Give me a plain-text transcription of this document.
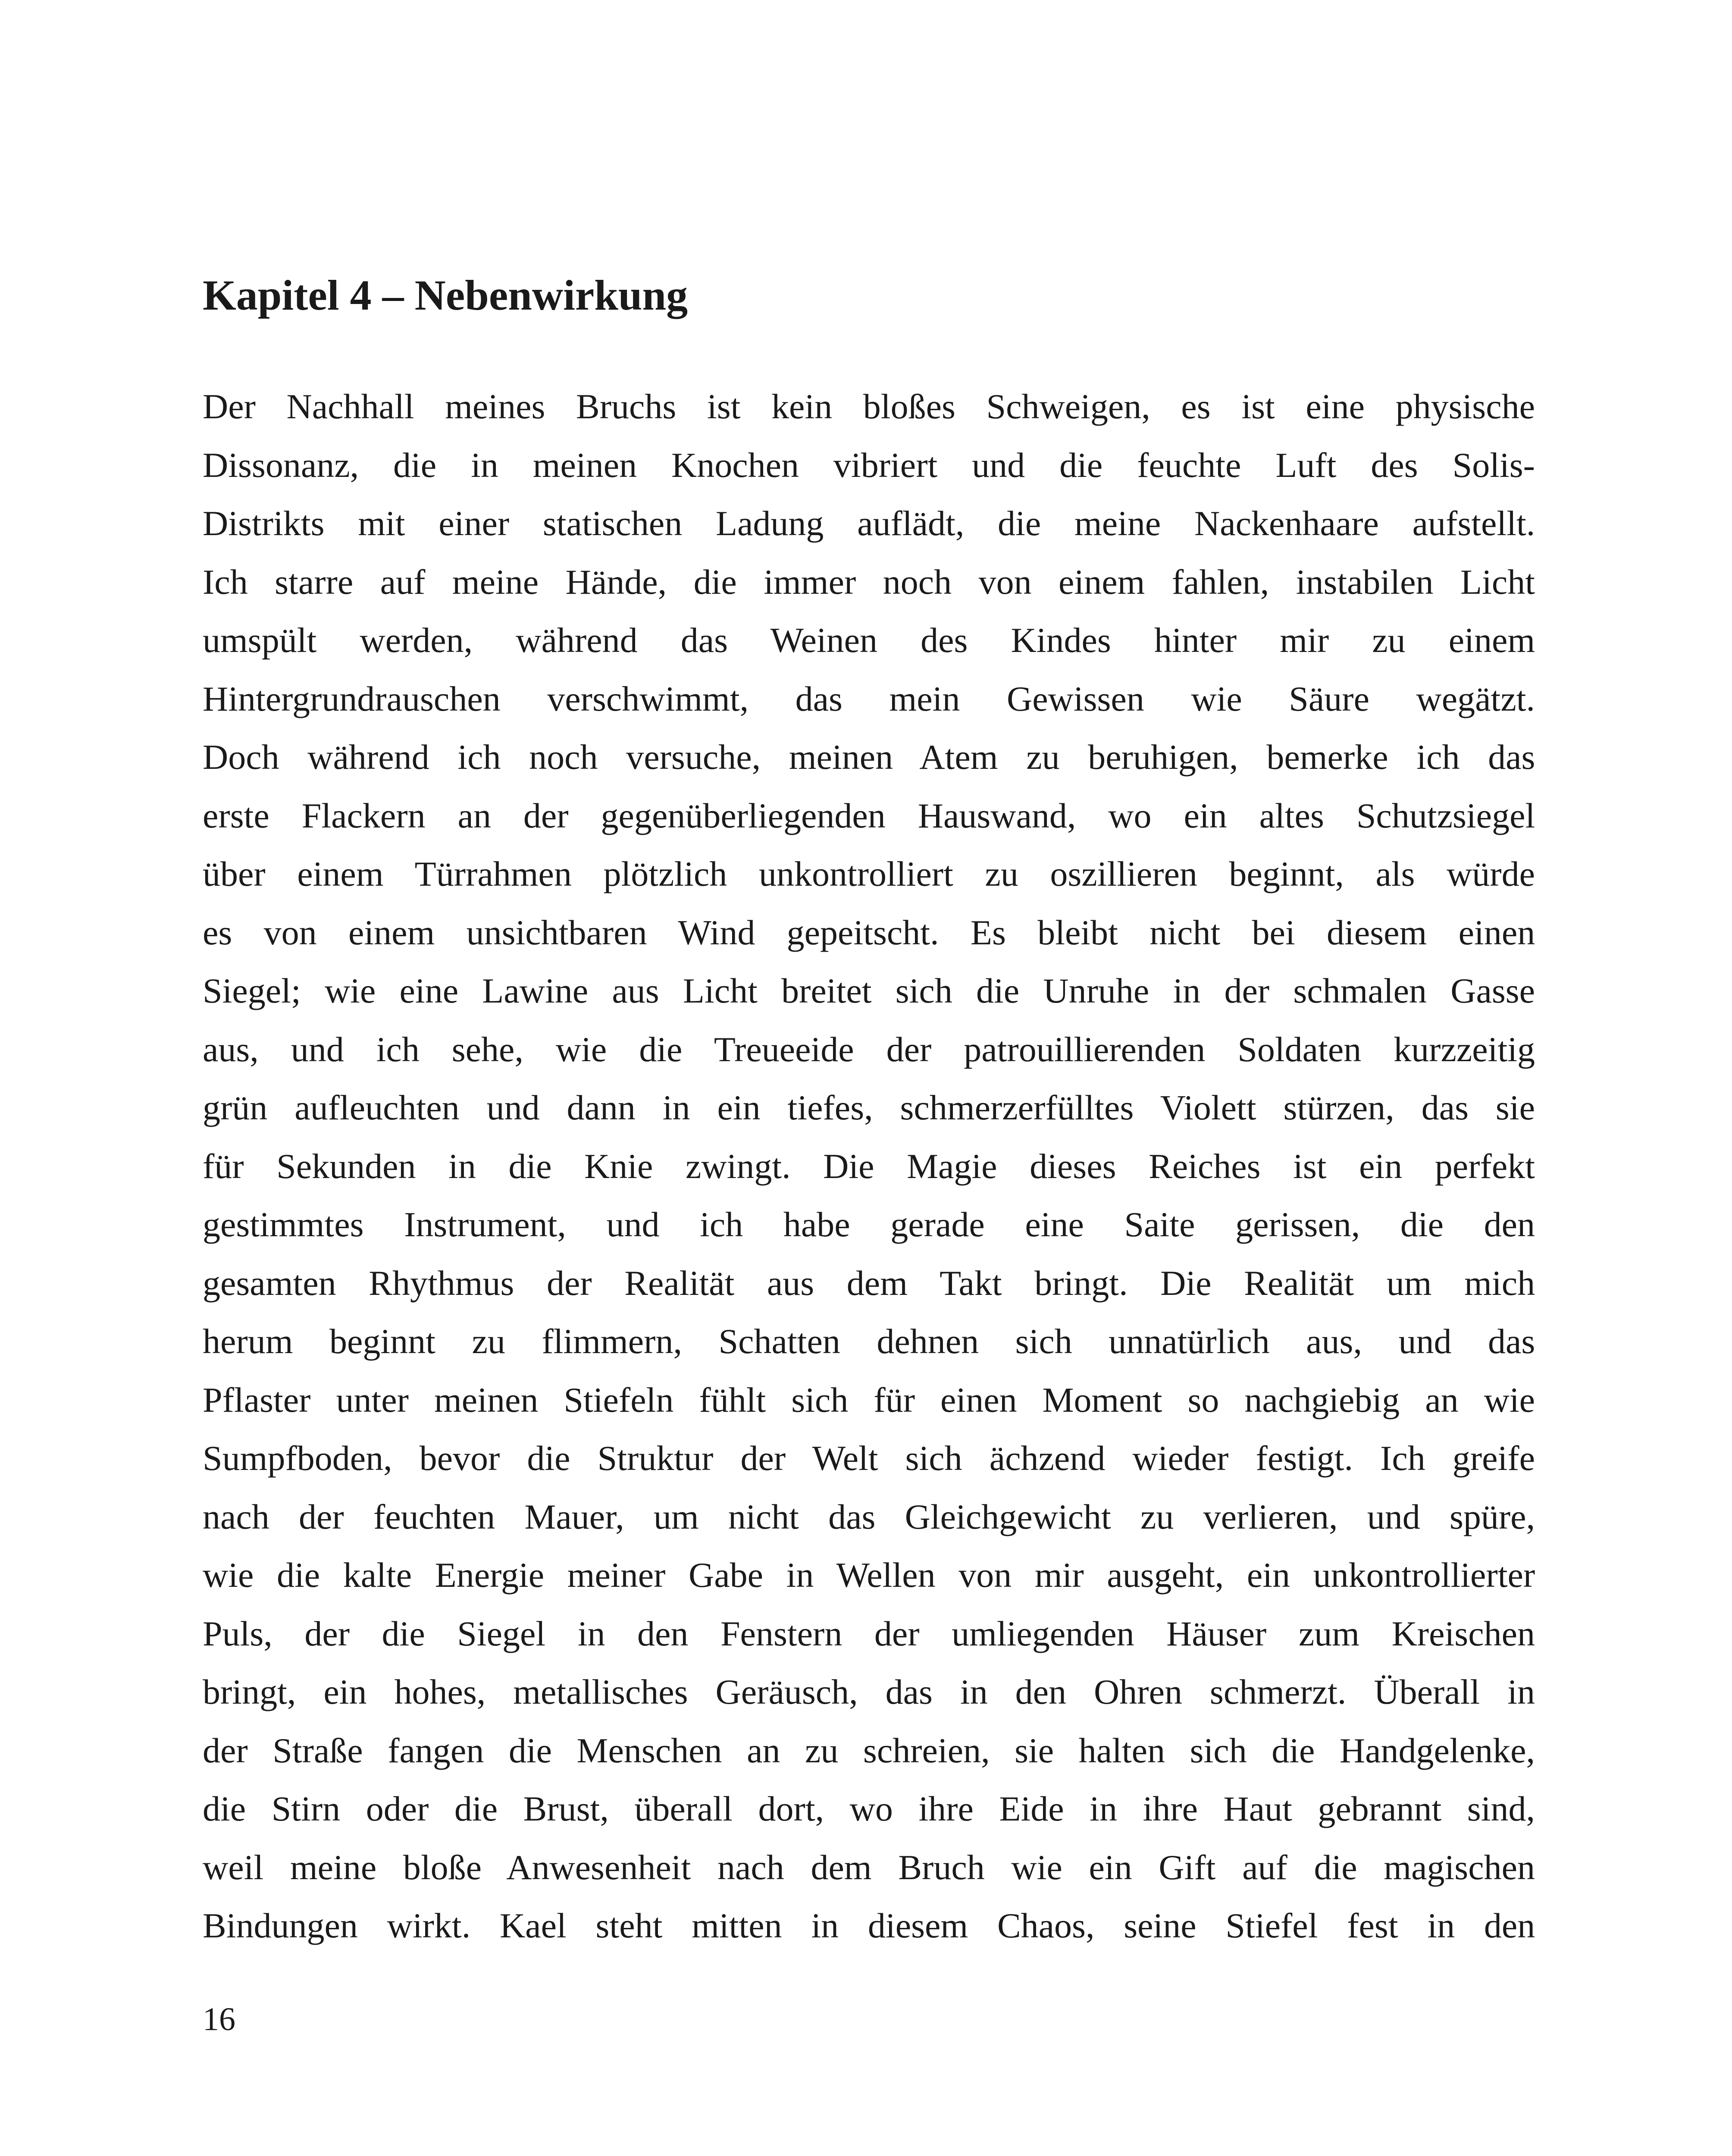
Kapitel 4 – Nebenwirkung
Der Nachhall meines Bruchs ist kein bloßes Schweigen, es ist eine physische
Dissonanz, die in meinen Knochen vibriert und die feuchte Luft des Solis-
Distrikts mit einer statischen Ladung auflädt, die meine Nackenhaare aufstellt.
Ich starre auf meine Hände, die immer noch von einem fahlen, instabilen Licht
umspült werden, während das Weinen des Kindes hinter mir zu einem
Hintergrundrauschen verschwimmt, das mein Gewissen wie Säure wegätzt.
Doch während ich noch versuche, meinen Atem zu beruhigen, bemerke ich das
erste Flackern an der gegenüberliegenden Hauswand, wo ein altes Schutzsiegel
über einem Türrahmen plötzlich unkontrolliert zu oszillieren beginnt, als würde
es von einem unsichtbaren Wind gepeitscht. Es bleibt nicht bei diesem einen
Siegel; wie eine Lawine aus Licht breitet sich die Unruhe in der schmalen Gasse
aus, und ich sehe, wie die Treueeide der patrouillierenden Soldaten kurzzeitig
grün aufleuchten und dann in ein tiefes, schmerzerfülltes Violett stürzen, das sie
für Sekunden in die Knie zwingt. Die Magie dieses Reiches ist ein perfekt
gestimmtes Instrument, und ich habe gerade eine Saite gerissen, die den
gesamten Rhythmus der Realität aus dem Takt bringt. Die Realität um mich
herum beginnt zu flimmern, Schatten dehnen sich unnatürlich aus, und das
Pflaster unter meinen Stiefeln fühlt sich für einen Moment so nachgiebig an wie
Sumpfboden, bevor die Struktur der Welt sich ächzend wieder festigt. Ich greife
nach der feuchten Mauer, um nicht das Gleichgewicht zu verlieren, und spüre,
wie die kalte Energie meiner Gabe in Wellen von mir ausgeht, ein unkontrollierter
Puls, der die Siegel in den Fenstern der umliegenden Häuser zum Kreischen
bringt, ein hohes, metallisches Geräusch, das in den Ohren schmerzt. Überall in
der Straße fangen die Menschen an zu schreien, sie halten sich die Handgelenke,
die Stirn oder die Brust, überall dort, wo ihre Eide in ihre Haut gebrannt sind,
weil meine bloße Anwesenheit nach dem Bruch wie ein Gift auf die magischen
Bindungen wirkt. Kael steht mitten in diesem Chaos, seine Stiefel fest in den
16
